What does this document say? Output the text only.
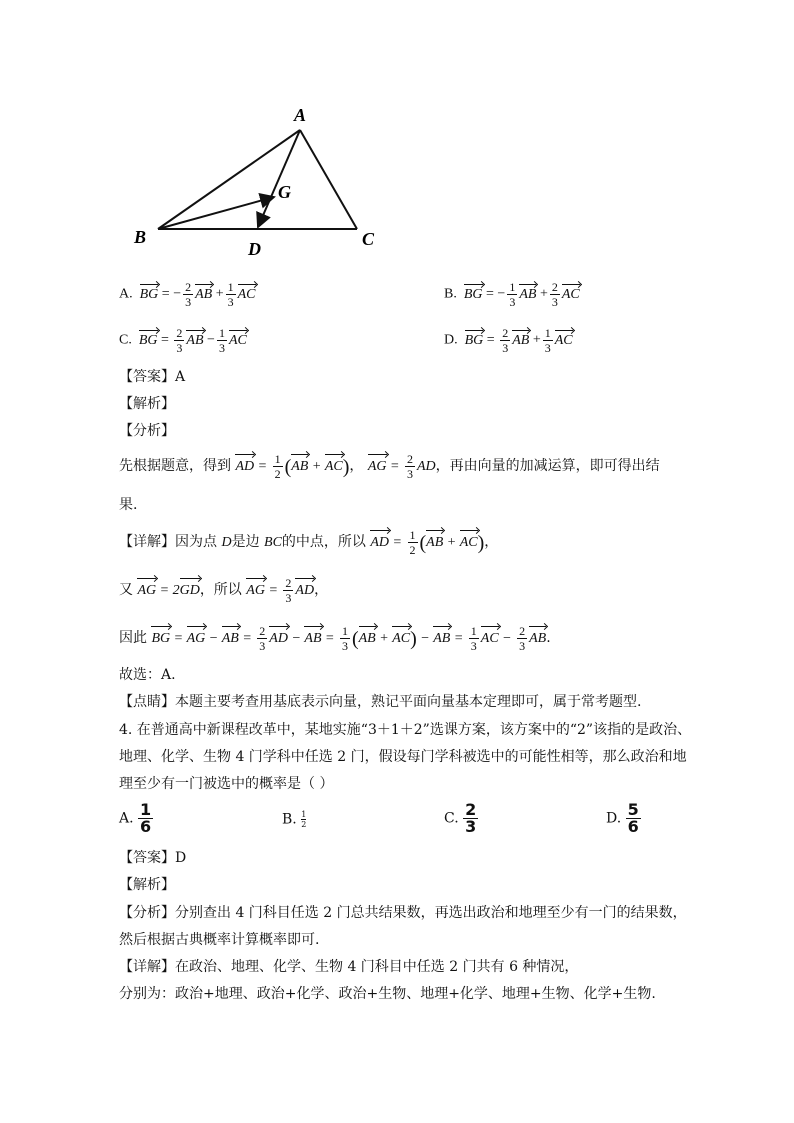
A
B	C
D
G
A. BG = − $\frac{2}{3}$ AB + $\frac{1}{3}$ AC	B. BG = − $\frac{1}{3}$ AB + $\frac{2}{3}$ AC
C. BG = $\frac{2}{3}$ AB − $\frac{1}{3}$ AC	D. BG = $\frac{2}{3}$ AB + $\frac{1}{3}$ AC
【答案】A
【解析】
【分析】
先根据题意，得到 AD = $\frac{1}{2} (AB + AC)$， AG = $\frac{2}{3}$ AD，再由向量的加减运算，即可得出结
果.
【详解】因为点 D是边 BC的中点，所以 AD = $\frac{1}{2} (AB + AC)$，
又 AG = 2GD，所以 AG = $\frac{2}{3}$ AD，
因此 BG = AG − AB = $\frac{2}{3}$ AD − AB = $\frac{1}{3} (AB + AC)$ − AB = $\frac{1}{3}$ AC − $\frac{2}{3}$ AB.
故选：A.
【点睛】本题主要考查用基底表示向量，熟记平面向量基本定理即可，属于常考题型.
4. 在普通高中新课程改革中，某地实施“3＋1＋2”选课方案，该方案中的“2”该指的是政治、
地理、化学、生物 4 门学科中任选 2 门，假设每门学科被选中的可能性相等，那么政治和地
理至少有一门被选中的概率是（ ）
A. $\frac{1}{6}$	B. $\frac{1}{2}$	C. $\frac{2}{3}$	D. $\frac{5}{6}$
【答案】D
【解析】
【分析】分别查出 4 门科目任选 2 门总共结果数，再选出政治和地理至少有一门的结果数，
然后根据古典概率计算概率即可.
【详解】在政治、地理、化学、生物 4 门科目中任选 2 门共有 6 种情况，
分别为：政治+地理、政治+化学、政治+生物、地理+化学、地理+生物、化学+生物.
